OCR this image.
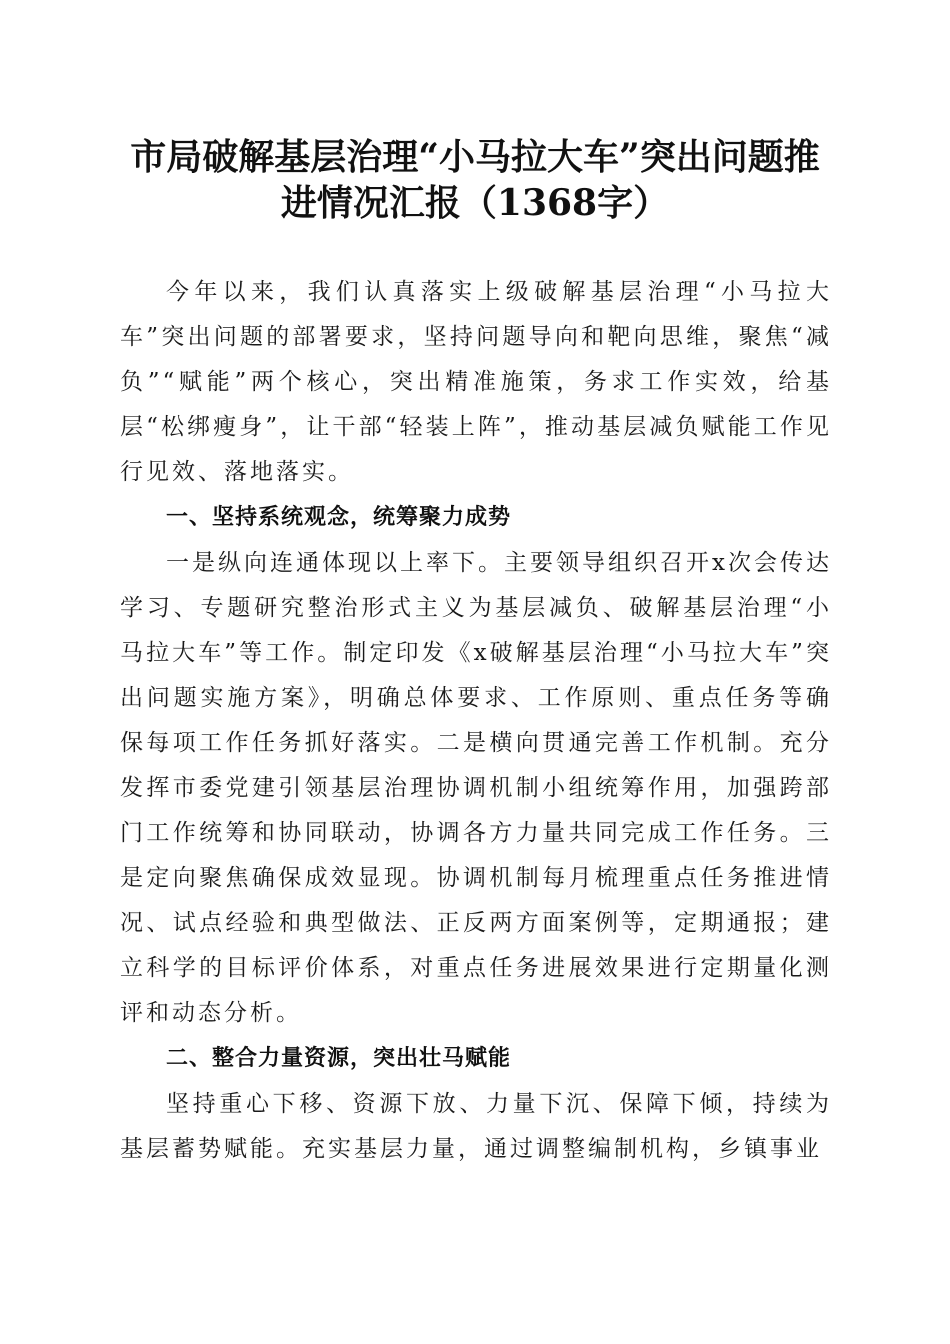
市局破解基层治理“小马拉大车”突出问题推
进情况汇报（1368字）

今年以来，我们认真落实上级破解基层治理“小马拉大车”突出问题的部署要求，坚持问题导向和靶向思维，聚焦“减负”“赋能”两个核心，突出精准施策，务求工作实效，给基层“松绑瘦身”，让干部“轻装上阵”，推动基层减负赋能工作见行见效、落地落实。

一、坚持系统观念，统筹聚力成势

一是纵向连通体现以上率下。主要领导组织召开x次会传达学习、专题研究整治形式主义为基层减负、破解基层治理“小马拉大车”等工作。制定印发《x破解基层治理“小马拉大车”突出问题实施方案》，明确总体要求、工作原则、重点任务等确保每项工作任务抓好落实。二是横向贯通完善工作机制。充分发挥市委党建引领基层治理协调机制小组统筹作用，加强跨部门工作统筹和协同联动，协调各方力量共同完成工作任务。三是定向聚焦确保成效显现。协调机制每月梳理重点任务推进情况、试点经验和典型做法、正反两方面案例等，定期通报；建立科学的目标评价体系，对重点任务进展效果进行定期量化测评和动态分析。

二、整合力量资源，突出壮马赋能

坚持重心下移、资源下放、力量下沉、保障下倾，持续为基层蓄势赋能。充实基层力量，通过调整编制机构，乡镇事业
